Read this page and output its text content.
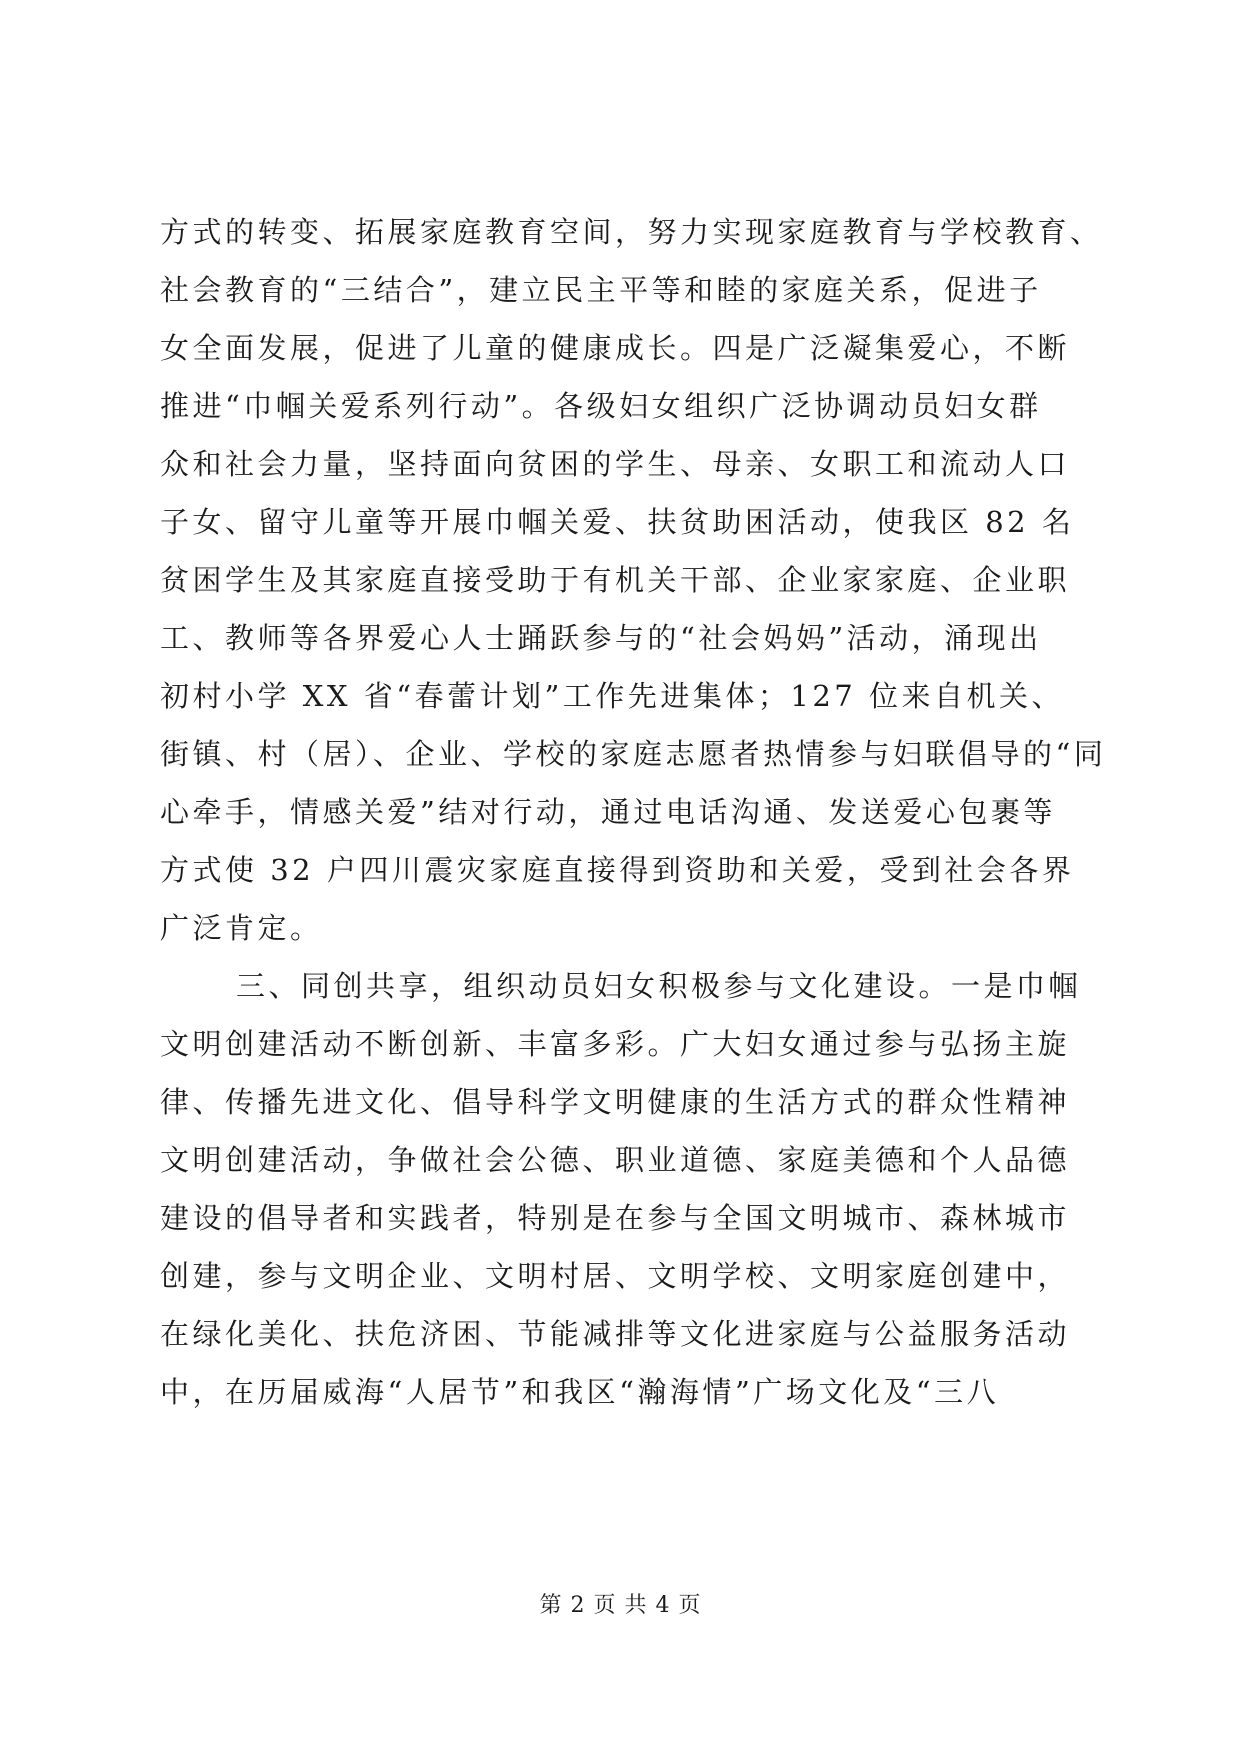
方式的转变、拓展家庭教育空间，努力实现家庭教育与学校教育、
社会教育的“三结合”，建立民主平等和睦的家庭关系，促进子
女全面发展，促进了儿童的健康成长。四是广泛凝集爱心，不断
推进“巾帼关爱系列行动”。各级妇女组织广泛协调动员妇女群
众和社会力量，坚持面向贫困的学生、母亲、女职工和流动人口
子女、留守儿童等开展巾帼关爱、扶贫助困活动，使我区 82 名
贫困学生及其家庭直接受助于有机关干部、企业家家庭、企业职
工、教师等各界爱心人士踊跃参与的“社会妈妈”活动，涌现出
初村小学 XX 省“春蕾计划”工作先进集体；127 位来自机关、
街镇、村（居）、企业、学校的家庭志愿者热情参与妇联倡导的“同
心牵手，情感关爱”结对行动，通过电话沟通、发送爱心包裹等
方式使 32 户四川震灾家庭直接得到资助和关爱，受到社会各界
广泛肯定。
三、同创共享，组织动员妇女积极参与文化建设。一是巾帼
文明创建活动不断创新、丰富多彩。广大妇女通过参与弘扬主旋
律、传播先进文化、倡导科学文明健康的生活方式的群众性精神
文明创建活动，争做社会公德、职业道德、家庭美德和个人品德
建设的倡导者和实践者，特别是在参与全国文明城市、森林城市
创建，参与文明企业、文明村居、文明学校、文明家庭创建中，
在绿化美化、扶危济困、节能减排等文化进家庭与公益服务活动
中，在历届威海“人居节”和我区“瀚海情”广场文化及“三八
第 2 页 共 4 页
